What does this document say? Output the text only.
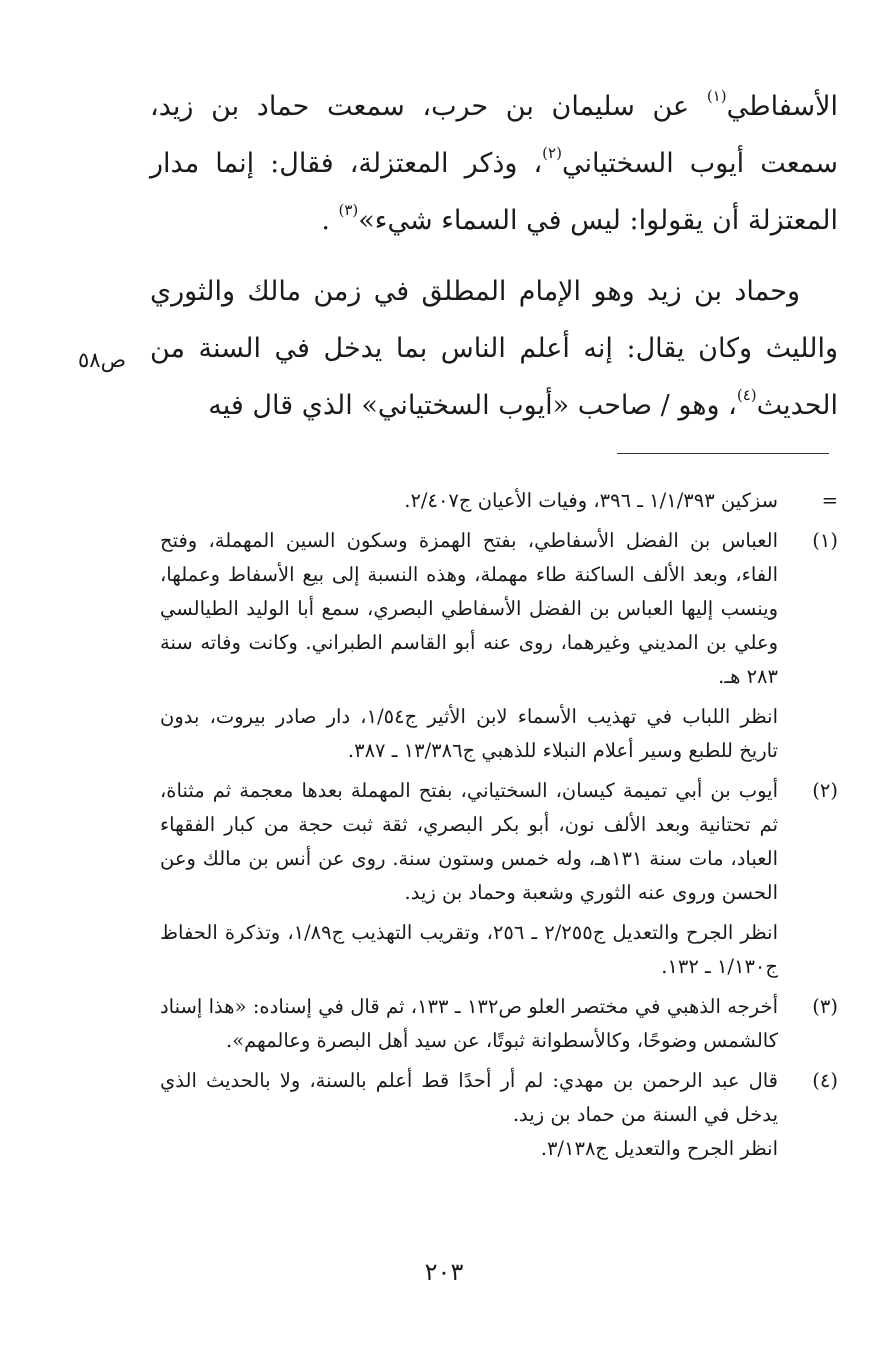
الأسفاطي$^{(١)}$ عن سليمان بن حرب، سمعت حماد بن زيد، سمعت أيوب السختياني$^{(٢)}$، وذكر المعتزلة، فقال: إنما مدار المعتزلة أن يقولوا: ليس في السماء شيء»$^{(٣)}$ .

وحماد بن زيد وهو الإمام المطلق في زمن مالك والثوري والليث وكان يقال: إنه أعلم الناس بما يدخل في السنة من الحديث$^{(٤)}$، وهو / صاحب «أيوب السختياني» الذي قال فيه

ص٥٨
=

سزكين ١/١/٣٩٣ ـ ٣٩٦، وفيات الأعيان ج٢/٤٠٧.

(١)

العباس بن الفضل الأسفاطي، بفتح الهمزة وسكون السين المهملة، وفتح الفاء، وبعد الألف الساكنة طاء مهملة، وهذه النسبة إلى بيع الأسفاط وعملها، وينسب إليها العباس بن الفضل الأسفاطي البصري، سمع أبا الوليد الطيالسي وعلي بن المديني وغيرهما، روى عنه أبو القاسم الطبراني. وكانت وفاته سنة ٢٨٣ هـ.

انظر اللباب في تهذيب الأسماء لابن الأثير ج١/٥٤، دار صادر بيروت، بدون تاريخ للطبع وسير أعلام النبلاء للذهبي ج١٣/٣٨٦ ـ ٣٨٧.

(٢)

أيوب بن أبي تميمة كيسان، السختياني، بفتح المهملة بعدها معجمة ثم مثناة، ثم تحتانية وبعد الألف نون، أبو بكر البصري، ثقة ثبت حجة من كبار الفقهاء العباد، مات سنة ١٣١هـ، وله خمس وستون سنة. روى عن أنس بن مالك وعن الحسن وروى عنه الثوري وشعبة وحماد بن زيد.

انظر الجرح والتعديل ج٢/٢٥٥ ـ ٢٥٦، وتقريب التهذيب ج١/٨٩، وتذكرة الحفاظ ج١/١٣٠ ـ ١٣٢.

(٣)

أخرجه الذهبي في مختصر العلو ص١٣٢ ـ ١٣٣، ثم قال في إسناده: «هذا إسناد كالشمس وضوحًا، وكالأسطوانة ثبوتًا، عن سيد أهل البصرة وعالمهم».

(٤)

قال عبد الرحمن بن مهدي: لم أر أحدًا قط أعلم بالسنة، ولا بالحديث الذي يدخل في السنة من حماد بن زيد.

انظر الجرح والتعديل ج٣/١٣٨.

٢٠٣
